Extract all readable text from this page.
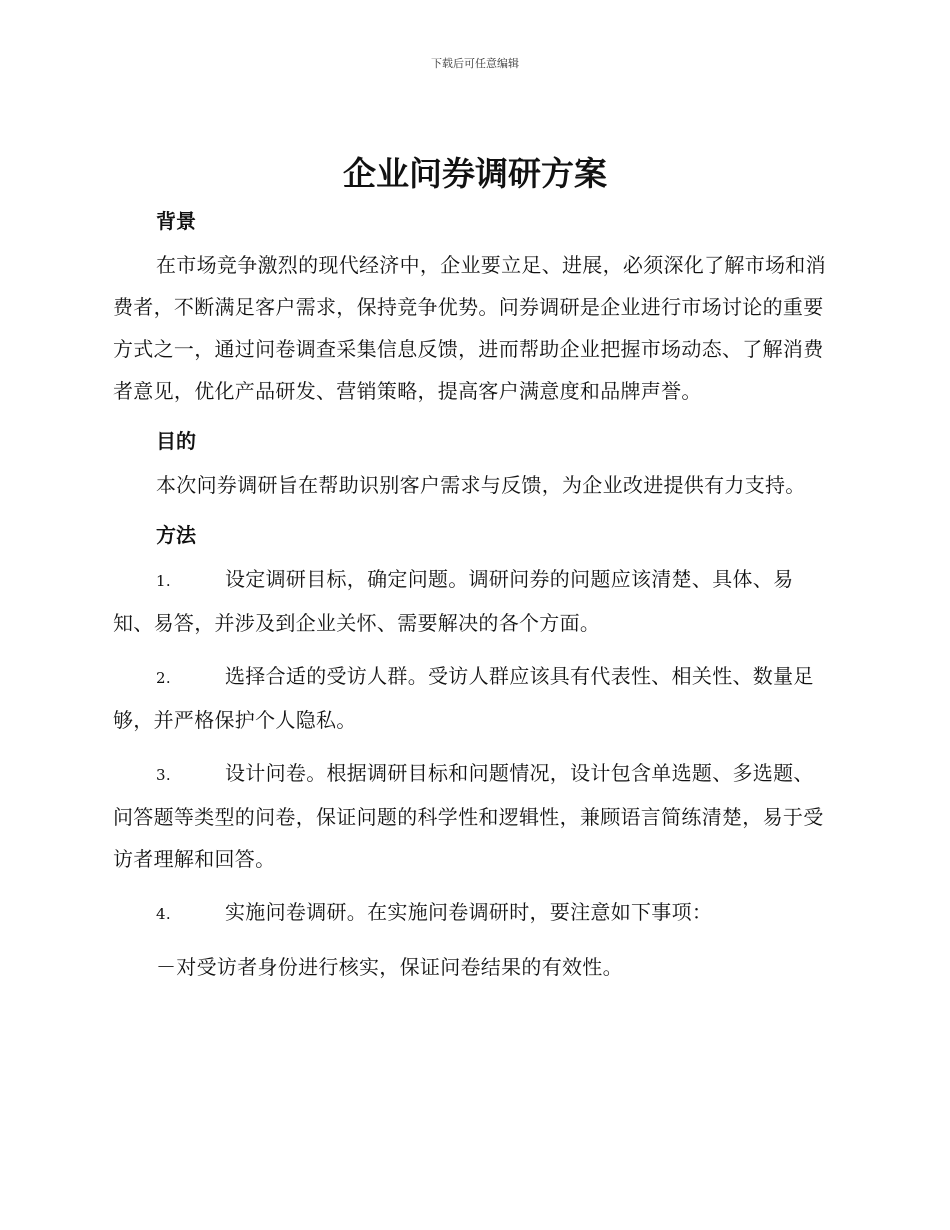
下载后可任意编辑
企业问券调研方案
背景

在市场竞争激烈的现代经济中，企业要立足、进展，必须深化了解市场和消费者，不断满足客户需求，保持竞争优势。问券调研是企业进行市场讨论的重要方式之一，通过问卷调查采集信息反馈，进而帮助企业把握市场动态、了解消费者意见，优化产品研发、营销策略，提高客户满意度和品牌声誉。

目的

本次问券调研旨在帮助识别客户需求与反馈，为企业改进提供有力支持。

方法
1.	设定调研目标，确定问题。调研问券的问题应该清楚、具体、易知、易答，并涉及到企业关怀、需要解决的各个方面。
2.	选择合适的受访人群。受访人群应该具有代表性、相关性、数量足够，并严格保护个人隐私。
3.	设计问卷。根据调研目标和问题情况，设计包含单选题、多选题、问答题等类型的问卷，保证问题的科学性和逻辑性，兼顾语言简练清楚，易于受访者理解和回答。
4.	实施问卷调研。在实施问卷调研时，要注意如下事项：
－对受访者身份进行核实，保证问卷结果的有效性。
